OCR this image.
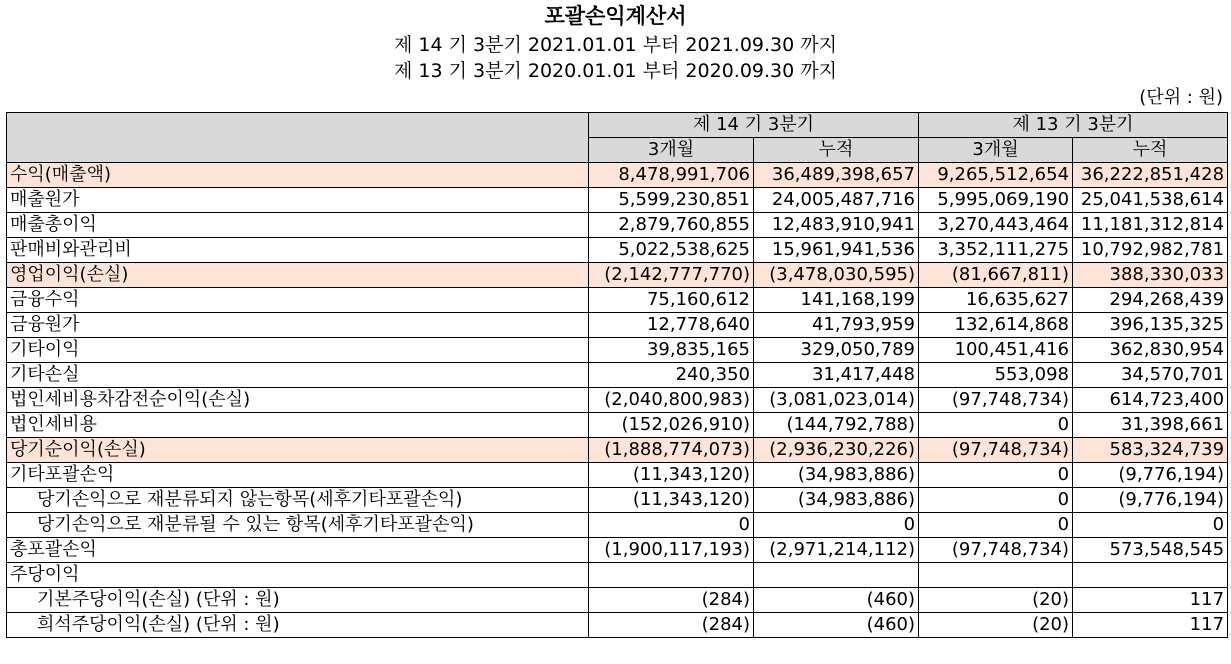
포괄손익계산서
제 14 기 3분기 2021.01.01 부터 2021.09.30 까지
제 13 기 3분기 2020.01.01 부터 2020.09.30 까지
(단위 : 원)
	제 14 기 3분기		제 13 기 3분기	
	3개월	누적	3개월	누적
수익(매출액)	8,478,991,706	36,489,398,657	9,265,512,654	36,222,851,428
매출원가	5,599,230,851	24,005,487,716	5,995,069,190	25,041,538,614
매출총이익	2,879,760,855	12,483,910,941	3,270,443,464	11,181,312,814
판매비와관리비	5,022,538,625	15,961,941,536	3,352,111,275	10,792,982,781
영업이익(손실)	(2,142,777,770)	(3,478,030,595)	(81,667,811)	388,330,033
금융수익	75,160,612	141,168,199	16,635,627	294,268,439
금융원가	12,778,640	41,793,959	132,614,868	396,135,325
기타이익	39,835,165	329,050,789	100,451,416	362,830,954
기타손실	240,350	31,417,448	553,098	34,570,701
법인세비용차감전순이익(손실)	(2,040,800,983)	(3,081,023,014)	(97,748,734)	614,723,400
법인세비용	(152,026,910)	(144,792,788)	0	31,398,661
당기순이익(손실)	(1,888,774,073)	(2,936,230,226)	(97,748,734)	583,324,739
기타포괄손익	(11,343,120)	(34,983,886)	0	(9,776,194)
당기손익으로 재분류되지 않는항목(세후기타포괄손익)	(11,343,120)	(34,983,886)	0	(9,776,194)
당기손익으로 재분류될 수 있는 항목(세후기타포괄손익)	0	0	0	0
총포괄손익	(1,900,117,193)	(2,971,214,112)	(97,748,734)	573,548,545
주당이익				
기본주당이익(손실) (단위 : 원)	(284)	(460)	(20)	117
희석주당이익(손실) (단위 : 원)	(284)	(460)	(20)	117
